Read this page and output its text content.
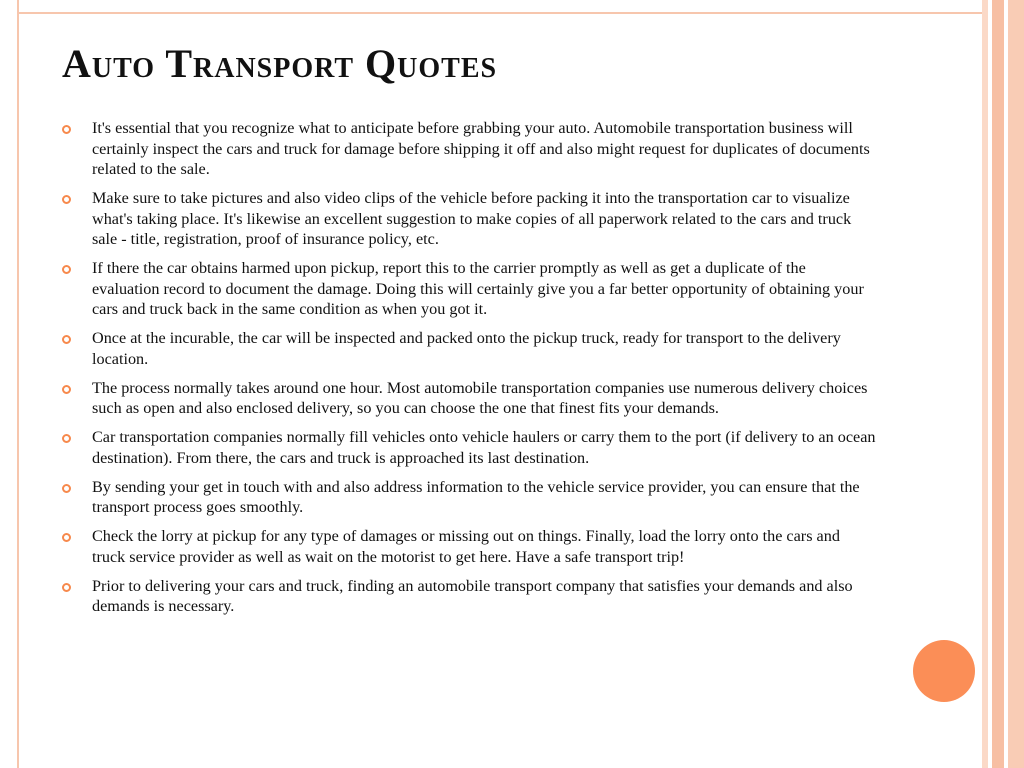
Auto Transport Quotes
It's essential that you recognize what to anticipate before grabbing your auto. Automobile transportation business will certainly inspect the cars and truck for damage before shipping it off and also might request for duplicates of documents related to the sale.
Make sure to take pictures and also video clips of the vehicle before packing it into the transportation car to visualize what's taking place. It's likewise an excellent suggestion to make copies of all paperwork related to the cars and truck sale - title, registration, proof of insurance policy, etc.
If there the car obtains harmed upon pickup, report this to the carrier promptly as well as get a duplicate of the evaluation record to document the damage. Doing this will certainly give you a far better opportunity of obtaining your cars and truck back in the same condition as when you got it.
Once at the incurable, the car will be inspected and packed onto the pickup truck, ready for transport to the delivery location.
The process normally takes around one hour. Most automobile transportation companies use numerous delivery choices such as open and also enclosed delivery, so you can choose the one that finest fits your demands.
Car transportation companies normally fill vehicles onto vehicle haulers or carry them to the port (if delivery to an ocean destination). From there, the cars and truck is approached its last destination.
By sending your get in touch with and also address information to the vehicle service provider, you can ensure that the transport process goes smoothly.
Check the lorry at pickup for any type of damages or missing out on things. Finally, load the lorry onto the cars and truck service provider as well as wait on the motorist to get here. Have a safe transport trip!
Prior to delivering your cars and truck, finding an automobile transport company that satisfies your demands and also demands is necessary.
